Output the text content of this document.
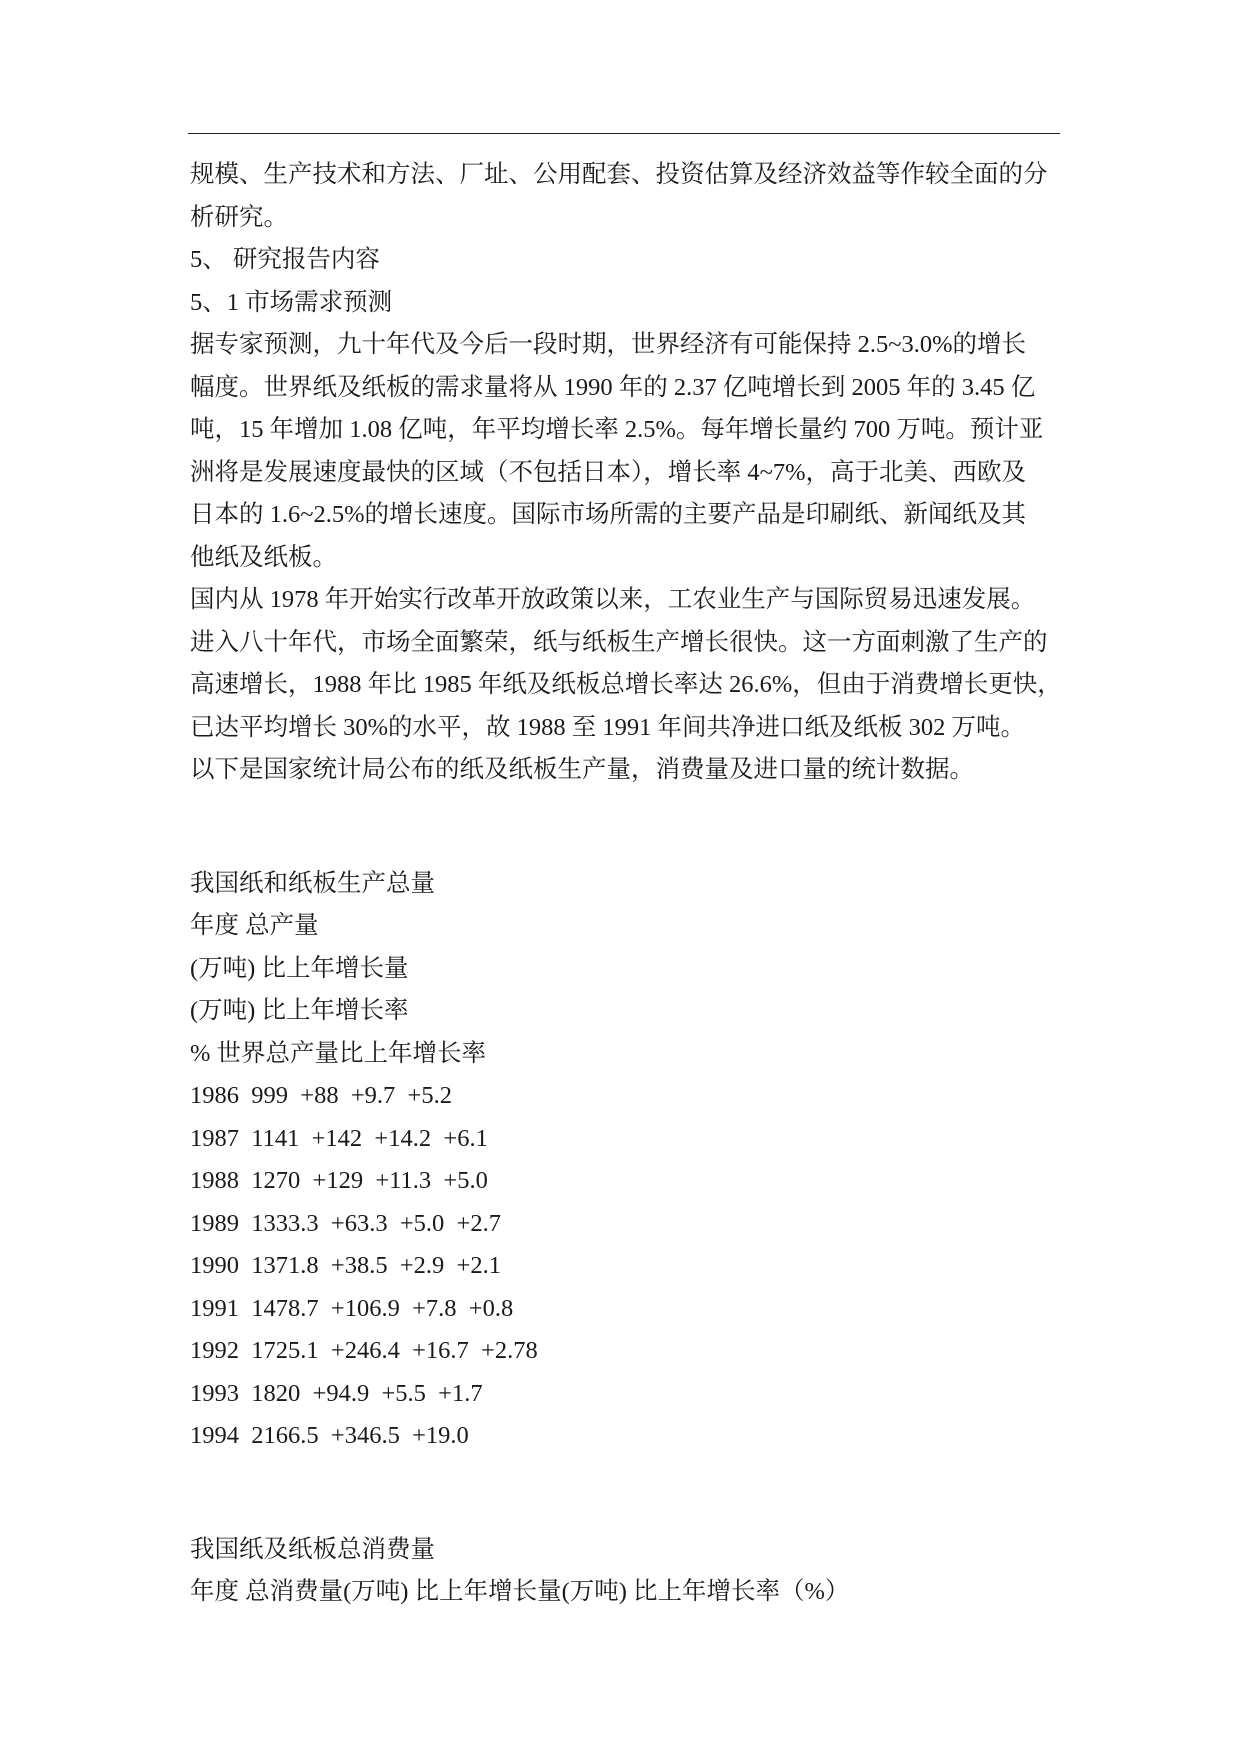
规模、生产技术和方法、厂址、公用配套、投资估算及经济效益等作较全面的分
析研究。
5、 研究报告内容
5、1 市场需求预测
据专家预测，九十年代及今后一段时期，世界经济有可能保持 2.5~3.0%的增长
幅度。世界纸及纸板的需求量将从 1990 年的 2.37 亿吨增长到 2005 年的 3.45 亿
吨，15 年增加 1.08 亿吨，年平均增长率 2.5%。每年增长量约 700 万吨。预计亚
洲将是发展速度最快的区域（不包括日本），增长率 4~7%，高于北美、西欧及
日本的 1.6~2.5%的增长速度。国际市场所需的主要产品是印刷纸、新闻纸及其
他纸及纸板。
国内从 1978 年开始实行改革开放政策以来，工农业生产与国际贸易迅速发展。
进入八十年代，市场全面繁荣，纸与纸板生产增长很快。这一方面刺激了生产的
高速增长，1988 年比 1985 年纸及纸板总增长率达 26.6%，但由于消费增长更快，
已达平均增长 30%的水平，故 1988 至 1991 年间共净进口纸及纸板 302 万吨。
以下是国家统计局公布的纸及纸板生产量，消费量及进口量的统计数据。
我国纸和纸板生产总量
年度 总产量
(万吨) 比上年增长量
(万吨) 比上年增长率
% 世界总产量比上年增长率
1986 999 +88 +9.7 +5.2
1987 1141 +142 +14.2 +6.1
1988 1270 +129 +11.3 +5.0
1989 1333.3 +63.3 +5.0 +2.7
1990 1371.8 +38.5 +2.9 +2.1
1991 1478.7 +106.9 +7.8 +0.8
1992 1725.1 +246.4 +16.7 +2.78
1993 1820 +94.9 +5.5 +1.7
1994 2166.5 +346.5 +19.0
我国纸及纸板总消费量
年度 总消费量(万吨) 比上年增长量(万吨) 比上年增长率（%）
